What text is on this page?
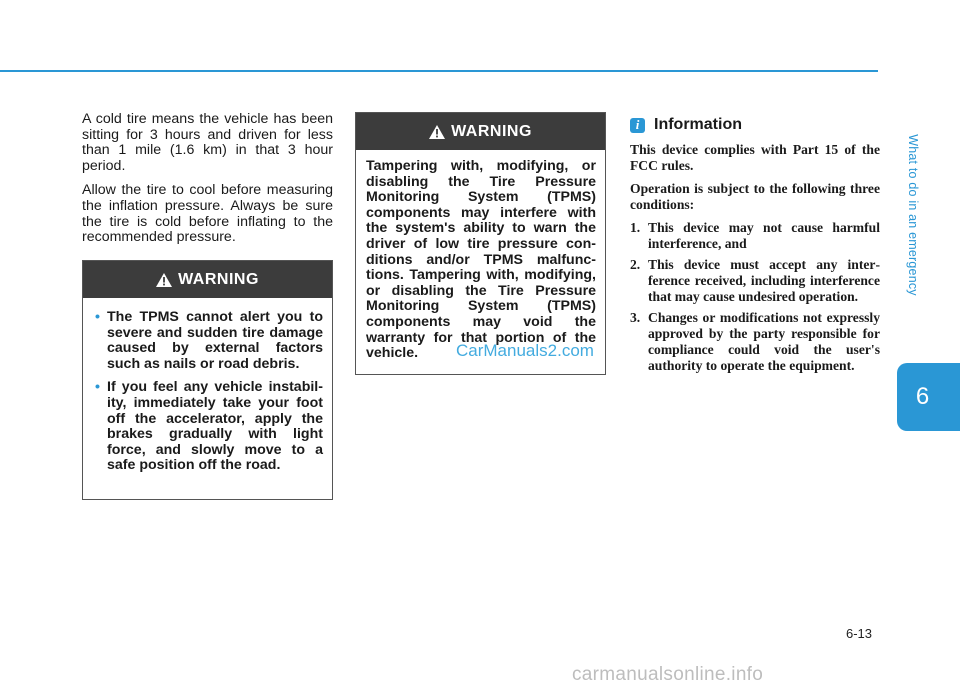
What to do in an emergency
6

A cold tire means the vehicle has been sitting for 3 hours and driven for less than 1 mile (1.6 km) in that 3 hour period.

Allow the tire to cool before measuring the inflation pressure. Always be sure the tire is cold before inflating to the recommended pressure.

WARNING
• The TPMS cannot alert you to severe and sudden tire damage caused by external factors such as nails or road debris.
• If you feel any vehicle instability, immediately take your foot off the accelerator, apply the brakes gradually with light force, and slowly move to a safe position off the road.
WARNING

Tampering with, modifying, or disabling the Tire Pressure Monitoring System (TPMS) components may interfere with the system's ability to warn the driver of low tire pressure conditions and/or TPMS malfunctions. Tampering with, modifying, or disabling the Tire Pressure Monitoring System (TPMS) components may void the warranty for that portion of the vehicle.	CarManuals2.com
i Information

This device complies with Part 15 of the FCC rules.

Operation is subject to the following three conditions:

1. This device may not cause harmful interference, and
2. This device must accept any interference received, including interference that may cause undesired operation.
3. Changes or modifications not expressly approved by the party responsible for compliance could void the user's authority to operate the equipment.
6-13
carmanualsonline.info
